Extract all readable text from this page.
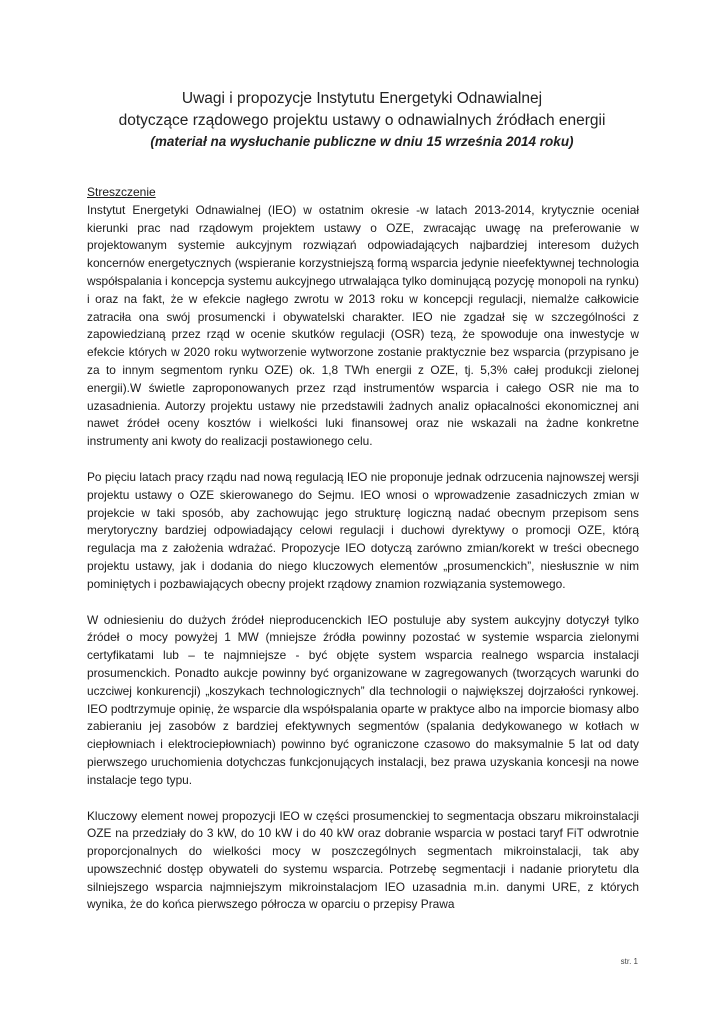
Uwagi i propozycje Instytutu Energetyki Odnawialnej
dotyczące rządowego projektu ustawy o odnawialnych źródłach energii
(materiał na wysłuchanie publiczne w dniu 15 września 2014 roku)

Streszczenie

Instytut Energetyki Odnawialnej (IEO) w ostatnim okresie -w latach 2013-2014, krytycznie oceniał kierunki prac nad rządowym projektem ustawy o OZE, zwracając uwagę na preferowanie w projektowanym systemie aukcyjnym rozwiązań odpowiadających najbardziej interesom dużych koncernów energetycznych (wspieranie korzystniejszą formą wsparcia jedynie nieefektywnej technologia współspalania i koncepcja systemu aukcyjnego utrwalająca tylko dominującą pozycję monopoli na rynku) i oraz na fakt, że w efekcie nagłego zwrotu w 2013 roku w koncepcji regulacji, niemalże całkowicie zatraciła ona swój prosumencki i obywatelski charakter. IEO nie zgadzał się w szczególności z zapowiedzianą przez rząd w ocenie skutków regulacji (OSR) tezą, że spowoduje ona inwestycje w efekcie których w 2020 roku wytworzenie wytworzone zostanie praktycznie bez wsparcia (przypisano je za to innym segmentom rynku OZE) ok. 1,8 TWh energii z OZE, tj. 5,3% całej produkcji zielonej energii).W świetle zaproponowanych przez rząd instrumentów wsparcia i całego OSR nie ma to uzasadnienia. Autorzy projektu ustawy nie przedstawili żadnych analiz opłacalności ekonomicznej ani nawet źródeł oceny kosztów i wielkości luki finansowej oraz nie wskazali na żadne konkretne instrumenty ani kwoty do realizacji postawionego celu.

Po pięciu latach pracy rządu nad nową regulacją IEO nie proponuje jednak odrzucenia najnowszej wersji projektu ustawy o OZE skierowanego do Sejmu. IEO wnosi o wprowadzenie zasadniczych zmian w projekcie w taki sposób, aby zachowując jego strukturę logiczną nadać obecnym przepisom sens merytoryczny bardziej odpowiadający celowi regulacji i duchowi dyrektywy o promocji OZE, którą regulacja ma z założenia wdrażać. Propozycje IEO dotyczą zarówno zmian/korekt w treści obecnego projektu ustawy, jak i dodania do niego kluczowych elementów „prosumenckich”, niesłusznie w nim pominiętych i pozbawiających obecny projekt rządowy znamion rozwiązania systemowego.

W odniesieniu do dużych źródeł nieproducenckich IEO postuluje aby system aukcyjny dotyczył tylko źródeł o mocy powyżej 1 MW (mniejsze źródła powinny pozostać w systemie wsparcia zielonymi certyfikatami lub – te najmniejsze - być objęte system wsparcia realnego wsparcia instalacji prosumenckich. Ponadto aukcje powinny być organizowane w zagregowanych (tworzących warunki do uczciwej konkurencji) „koszykach technologicznych” dla technologii o największej dojrzałości rynkowej. IEO podtrzymuje opinię, że wsparcie dla współspalania oparte w praktyce albo na imporcie biomasy albo zabieraniu jej zasobów z bardziej efektywnych segmentów (spalania dedykowanego w kotłach w ciepłowniach i elektrociepłowniach) powinno być ograniczone czasowo do maksymalnie 5 lat od daty pierwszego uruchomienia dotychczas funkcjonujących instalacji, bez prawa uzyskania koncesji na nowe instalacje tego typu.

Kluczowy element nowej propozycji IEO w części prosumenckiej to segmentacja obszaru mikroinstalacji OZE na przedziały do 3 kW, do 10 kW i do 40 kW oraz dobranie wsparcia w postaci taryf FiT odwrotnie proporcjonalnych do wielkości mocy w poszczególnych segmentach mikroinstalacji, tak aby upowszechnić dostęp obywateli do systemu wsparcia. Potrzebę segmentacji i nadanie priorytetu dla silniejszego wsparcia najmniejszym mikroinstalacjom IEO uzasadnia m.in. danymi URE, z których wynika, że do końca pierwszego półrocza w oparciu o przepisy Prawa

str. 1
